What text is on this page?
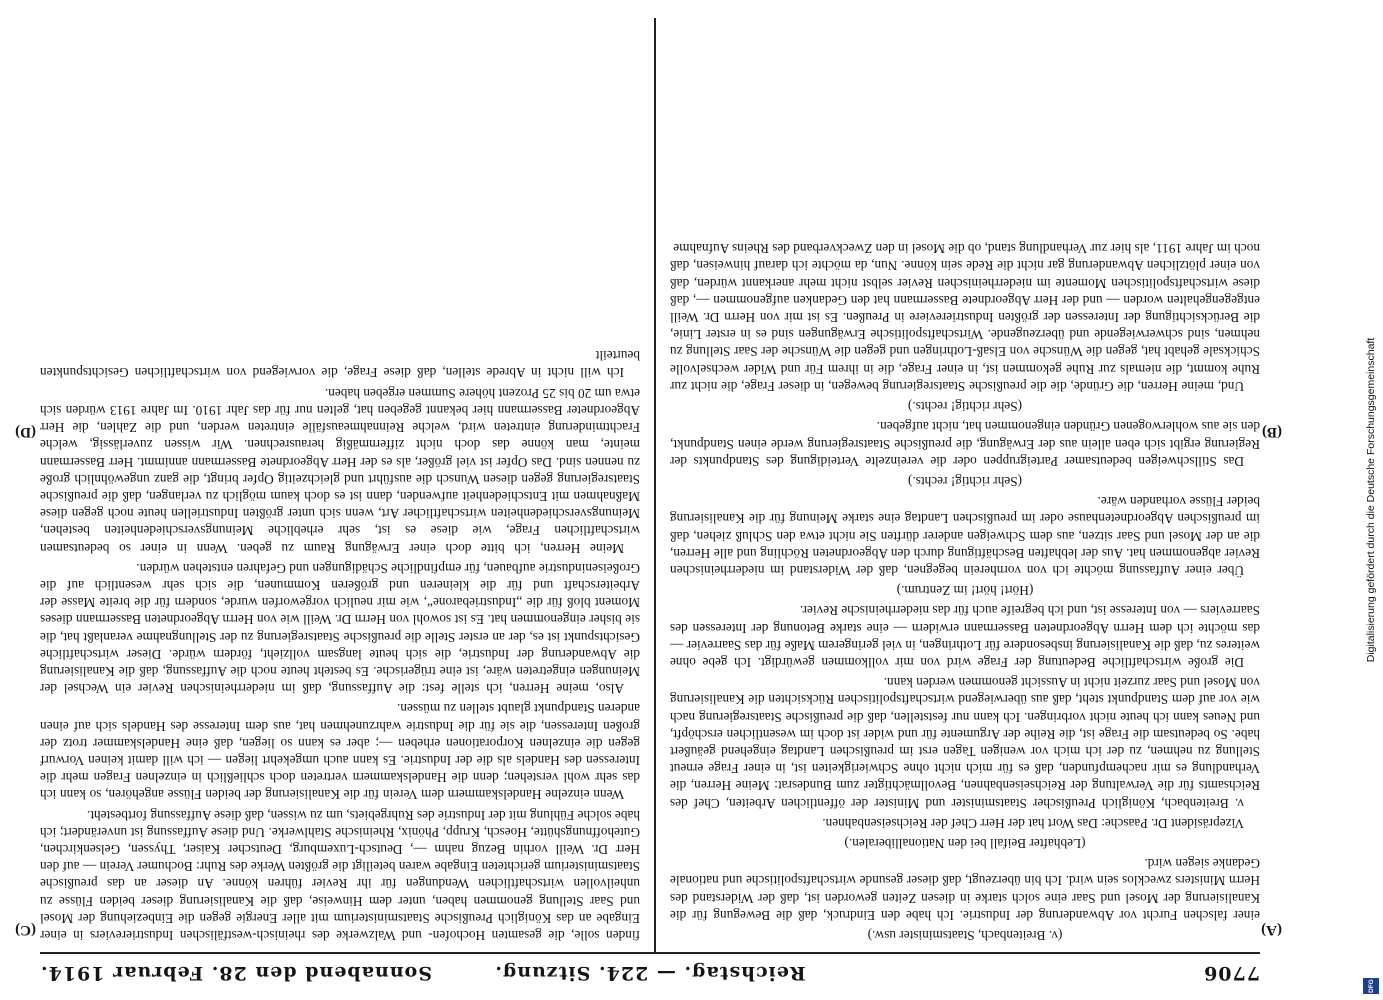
7706
Reichstag. — 224. Sitzung.
Sonnabend den 28. Februar 1914.
(A)
(B)
(C)
(D)

(v. Breitenbach, Staatsminister usw.)

einer falschen Furcht vor Abwanderung der Industrie. Ich habe den Eindruck, daß die Bewegung für die Kanalisierung der Mosel und Saar eine solch starke in diesen Zeiten geworden ist, daß der Widerstand des Herrn Ministers zwecklos sein wird. Ich bin überzeugt, daß dieser gesunde wirtschaftspolitische und nationale Gedanke siegen wird.

(Lebhafter Beifall bei den Nationalliberalen.)

Vizepräsident Dr. Paasche: Das Wort hat der Herr Chef der Reichseisenbahnen.

v. Breitenbach, Königlich Preußischer Staatsminister und Minister der öffentlichen Arbeiten, Chef des Reichsamts für die Verwaltung der Reichseisenbahnen, Bevollmächtigter zum Bundesrat: Meine Herren, die Verhandlung es mir nachempfunden, daß es für mich nicht ohne Schwierigkeiten ist, in einer Frage erneut Stellung zu nehmen, zu der ich mich vor wenigen Tagen erst im preußischen Landtag eingehend geäußert habe. So bedeutsam die Frage ist, die Reihe der Argumente für und wider ist doch im wesentlichen erschöpft, und Neues kann ich heute nicht vorbringen. Ich kann nur feststellen, daß die preußische Staatsregierung nach wie vor auf dem Standpunkt steht, daß aus überwiegend wirtschaftspolitischen Rücksichten die Kanalisierung von Mosel und Saar zurzeit nicht in Aussicht genommen werden kann.

Die große wirtschaftliche Bedeutung der Frage wird von mir vollkommen gewürdigt. Ich gebe ohne weiteres zu, daß die Kanalisierung insbesondere für Lothringen, in viel geringerem Maße für das Saarrevier — das möchte ich dem Herrn Abgeordneten Bassermann erwidern — eine starke Betonung der Interessen des Saarreviers — von Interesse ist, und ich begreife auch für das niederrheinische Revier.

(Hört! hört! im Zentrum.)

Über einer Auffassung möchte ich von vornherein begegnen, daß der Widerstand im niederrheinischen Revier abgenommen hat. Aus der lebhaften Beschäftigung durch den Abgeordneten Röchling und alle Herren, die an der Mosel und Saar sitzen, aus dem Schweigen anderer dürften Sie nicht etwa den Schluß ziehen, daß im preußischen Abgeordnetenhause oder im preußischen Landtag eine starke Meinung für die Kanalisierung beider Flüsse vorhanden wäre.

(Sehr richtig! rechts.)

Das Stillschweigen bedeutsamer Parteigruppen oder die vereinzelte Verteidigung des Standpunkts der Regierung ergibt sich eben allein aus der Erwägung, die preußische Staatsregierung werde einen Standpunkt, den sie aus wohlerwogenen Gründen eingenommen hat, nicht aufgeben.

(Sehr richtig! rechts.)

Und, meine Herren, die Gründe, die die preußische Staatsregierung bewegen, in dieser Frage, die nicht zur Ruhe kommt, die niemals zur Ruhe gekommen ist, in einer Frage, die in ihrem Für und Wider wechselvolle Schicksale gehabt hat, gegen die Wünsche von Elsaß-Lothringen und gegen die Wünsche der Saar Stellung zu nehmen, sind schwerwiegende und überzeugende. Wirtschaftspolitische Erwägungen sind es in erster Linie, die Berücksichtigung der Interessen der größten Industriereviere in Preußen. Es ist mir von Herrn Dr. Weill entgegengehalten worden — und der Herr Abgeordnete Bassermann hat den Gedanken aufgenommen —, daß diese wirtschaftspolitischen Momente im niederrheinischen Revier selbst nicht mehr anerkannt würden, daß von einer plötzlichen Abwanderung gar nicht die Rede sein könne. Nun, da möchte ich darauf hinweisen, daß noch im Jahre 1911, als hier zur Verhandlung stand, ob die Mosel in den Zweckverband des Rheins Aufnahme

finden solle, die gesamten Hochofen- und Walzwerke des rheinisch-westfälischen Industriereviers in einer Eingabe an das Königlich Preußische Staatsministerium mit aller Energie gegen die Einbeziehung der Mosel und Saar Stellung genommen haben, unter dem Hinweise, daß die Kanalisierung dieser beiden Flüsse zu unheilvollen wirtschaftlichen Wendungen für ihr Revier führen könne. An dieser an das preußische Staatsministerium gerichteten Eingabe waren beteiligt die größten Werke des Ruhr: Bochumer Verein — auf den Herr Dr. Weill vorhin Bezug nahm —, Deutsch-Luxemburg, Deutscher Kaiser, Thyssen, Gelsenkirchen, Gutehoffnungshütte, Hoesch, Krupp, Phönix, Rheinische Stahlwerke. Und diese Auffassung ist unverändert; ich habe solche Fühlung mit der Industrie des Ruhrgebiets, um zu wissen, daß diese Auffassung fortbesteht.

Wenn einzelne Handelskammern dem Verein für die Kanalisierung der beiden Flüsse angehören, so kann ich das sehr wohl verstehen; denn die Handelskammern vertreten doch schließlich in einzelnen Fragen mehr die Interessen des Handels als die der Industrie. Es kann auch umgekehrt liegen — ich will damit keinen Vorwurf gegen die einzelnen Korporationen erheben —; aber es kann so liegen, daß eine Handelskammer trotz der großen Interessen, die sie für die Industrie wahrzunehmen hat, aus dem Interesse des Handels sich auf einen anderen Standpunkt glaubt stellen zu müssen.

Also, meine Herren, ich stelle fest: die Auffassung, daß im niederrheinischen Revier ein Wechsel der Meinungen eingetreten wäre, ist eine trügerische. Es besteht heute noch die Auffassung, daß die Kanalisierung die Abwanderung der Industrie, die sich heute langsam vollzieht, fördern würde. Dieser wirtschaftliche Gesichtspunkt ist es, der an erster Stelle die preußische Staatsregierung zu der Stellungnahme veranlaßt hat, die sie bisher eingenommen hat. Es ist sowohl von Herrn Dr. Weill wie von Herrn Abgeordneten Bassermann dieses Moment bloß für die „Industriebarone“, wie mir neulich vorgeworfen wurde, sondern für die breite Masse der Arbeiterschaft und für die kleineren und größeren Kommunen, die sich sehr wesentlich auf die Großeisenindustrie aufbauen, für empfindliche Schädigungen und Gefahren entstehen würden.

Meine Herren, ich bitte doch einer Erwägung Raum zu geben. Wenn in einer so bedeutsamen wirtschaftlichen Frage, wie diese es ist, sehr erhebliche Meinungsverschiedenheiten bestehen, Meinungsverschiedenheiten wirtschaftlicher Art, wenn sich unter größten Industriellen heute noch gegen diese Maßnahmen mit Entschiedenheit aufwenden, dann ist es doch kaum möglich zu verlangen, daß die preußische Staatsregierung gegen diesen Wunsch die ausführt und gleichzeitig Opfer bringt, die ganz ungewöhnlich große zu nennen sind. Das Opfer ist viel größer, als es der Herr Abgeordnete Bassermann annimmt. Herr Bassermann meinte, man könne das doch nicht ziffernmäßig herausrechnen. Wir wissen zuverlässig, welche Frachtminderung eintreten wird, welche Reinnahmeausfälle eintreten werden, und die Zahlen, die Herr Abgeordneter Bassermann hier bekannt gegeben hat, gelten nur für das Jahr 1910. Im Jahre 1913 würden sich etwa um 20 bis 25 Prozent höhere Summen ergeben haben.

Ich will nicht in Abrede stellen, daß diese Frage, die vorwiegend von wirtschaftlichen Gesichtspunkten beurteilt	Digitalisierung gefördert durch die Deutsche Forschungsgemeinschaft
DFG
